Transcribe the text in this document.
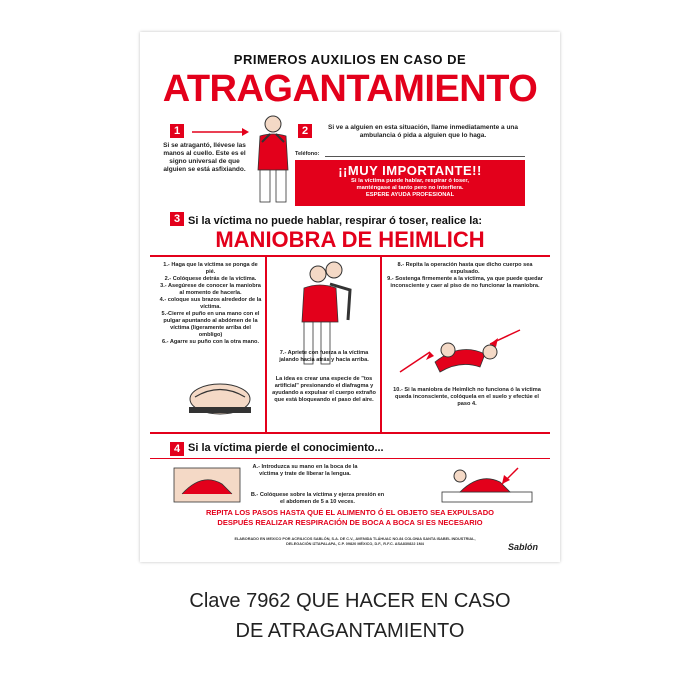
PRIMEROS AUXILIOS EN CASO DE
ATRAGANTAMIENTO
1
Si se atragantó, llévese las manos al cuello. Este es el signo universal de que alguien se está asfixiando.
2	Si ve a alguien en esta situación, llame inmediatamente a una ambulancia ó pida a alguien que lo haga.
Teléfono:
¡¡MUY IMPORTANTE!!
Si la víctima puede hablar, respirar ó toser,
manténgase al tanto pero no interfiera.
ESPERE AYUDA PROFESIONAL
3 Si la víctima no puede hablar, respirar ó toser, realice la:
MANIOBRA DE HEIMLICH
1.- Haga que la víctima se ponga de pié.
2.- Colóquese detrás de la víctima.
3.- Asegúrese de conocer la maniobra al momento de hacerla.
4.- coloque sus brazos alrededor de la víctima.
5.-Cierre el puño en una mano con el pulgar apuntando al abdómen de la víctima (ligeramente arriba del ombligo)
6.- Agarre su puño con la otra mano.
7.- Apriete con fuerza a la víctima jalando hacia atrás y hacia arriba.
La idea es crear una especie de "tos artificial" presionando el diafragma y ayudando a expulsar el cuerpo extraño que está bloqueando el paso del aire.
8.- Repita la operación hasta que dicho cuerpo sea expulsado.
9.- Sostenga firmemente a la víctima, ya que puede quedar inconsciente y caer al piso de no funcionar la maniobra.
10.- Si la maniobra de Heimlich no funciona ó la víctima queda inconsciente, colóquela en el suelo y efectúe el paso 4.
4 Si la víctima pierde el conocimiento...
A.- Introduzca su mano en la boca de la víctima y trate de liberar la lengua.
B.- Colóquese sobre la víctima y ejerza presión en el abdomen de 5 a 10 veces.
REPITA LOS PASOS HASTA QUE EL ALIMENTO Ó EL OBJETO SEA EXPULSADO
DESPUÉS REALIZAR RESPIRACIÓN DE BOCA A BOCA SI ES NECESARIO
ELABORADO EN MEXICO POR ACRILICOS SABLÓN, S.A. DE C.V., AVENIDA TLÁHUAC NO.84 COLONIA SANTA ISABEL INDUSTRIAL, DELEGACIÓN IZTAPALAPA, C.P. 09820 MÉXICO, D.F., R.F.C. ASA830822 1M4	Sablón
Clave 7962 QUE HACER EN CASO
DE ATRAGANTAMIENTO
